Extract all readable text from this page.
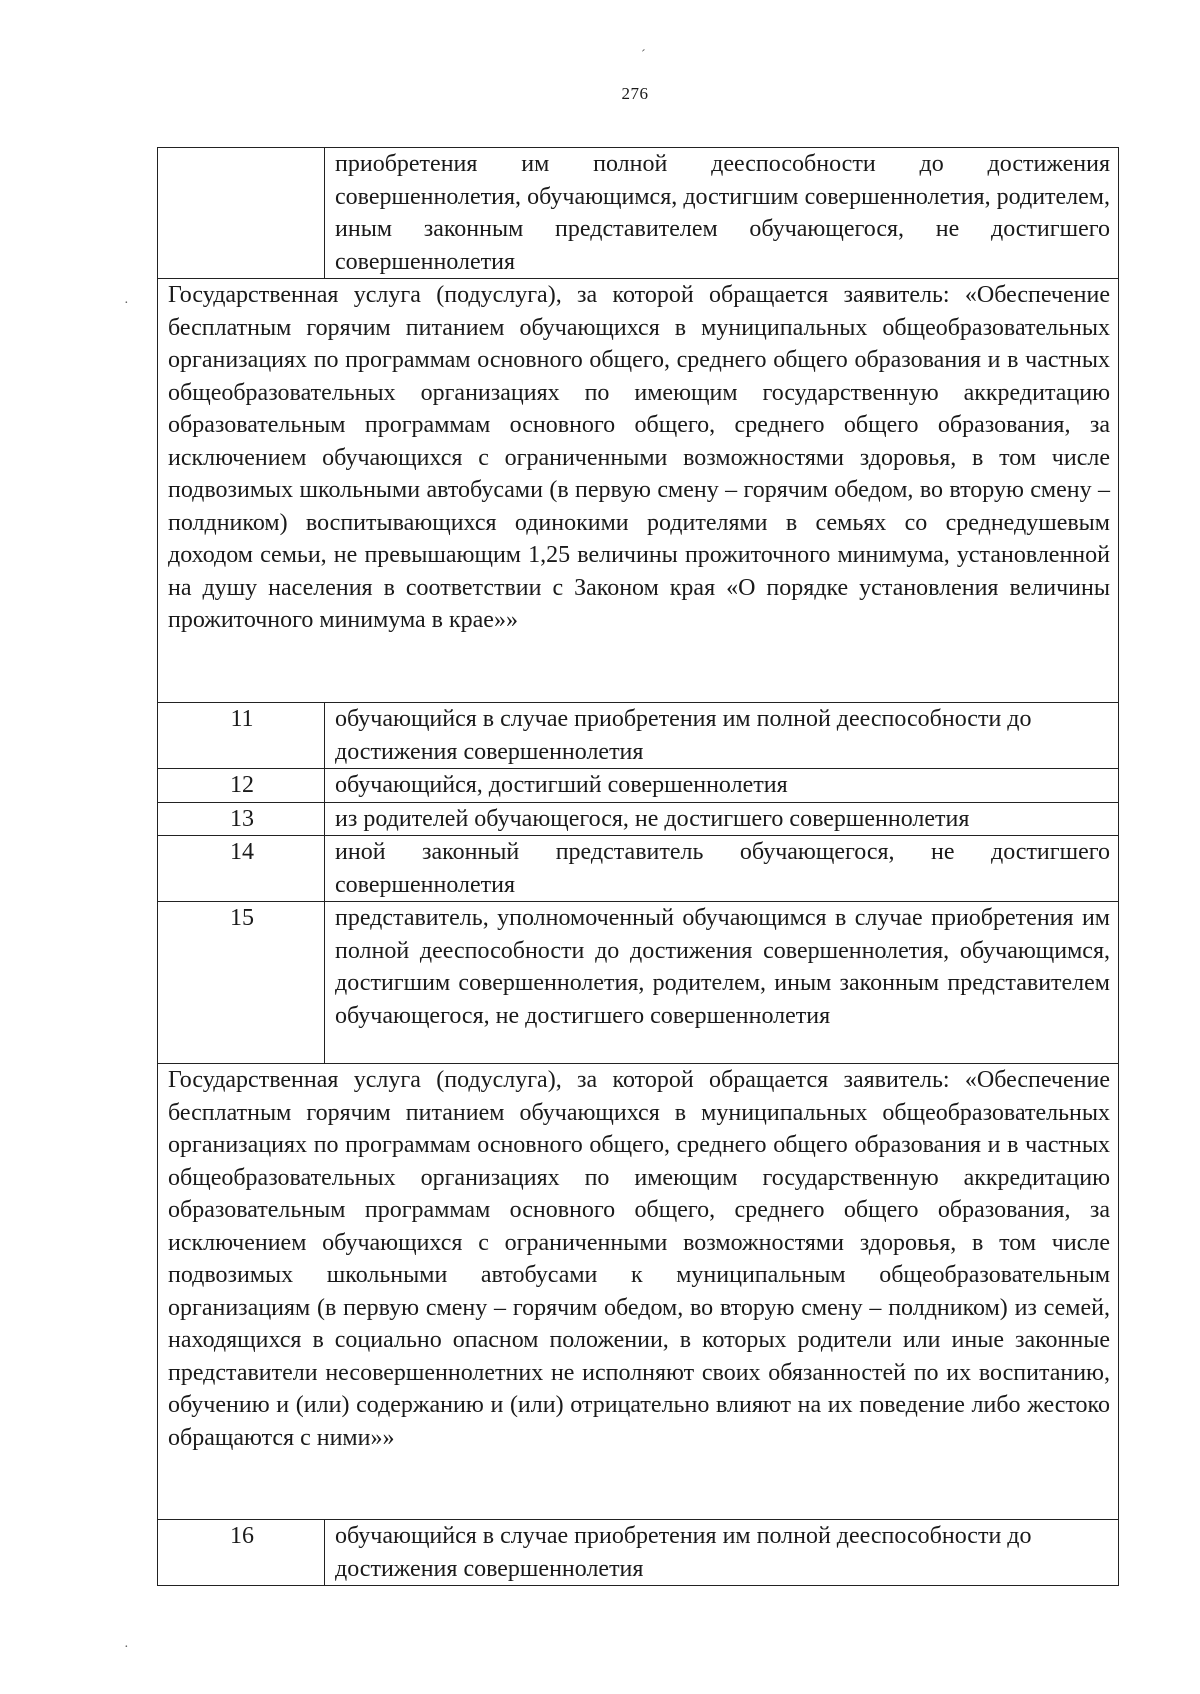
´
·
·
276
	приобретения им полной дееспособности до достижения совершеннолетия, обучающимся, достигшим совершеннолетия, родителем, иным законным представителем обучающегося, не достигшего совершеннолетия
Государственная услуга (подуслуга), за которой обращается заявитель: «Обеспечение бесплатным горячим питанием обучающихся в муниципальных общеобразовательных организациях по программам основного общего, среднего общего образования и в частных общеобразовательных организациях по имеющим государственную аккредитацию образовательным программам основного общего, среднего общего образования, за исключением обучающихся с ограниченными возможностями здоровья, в том числе подвозимых школьными автобусами (в первую смену – горячим обедом, во вторую смену – полдником) воспитывающихся одинокими родителями в семьях со среднедушевым доходом семьи, не превышающим 1,25 величины прожиточного минимума, установленной на душу населения в соответствии с Законом края «О порядке установления величины прожиточного минимума в крае»»	
11	обучающийся в случае приобретения им полной дееспособности до достижения совершеннолетия
12	обучающийся, достигший совершеннолетия
13	из родителей обучающегося, не достигшего совершеннолетия
14	иной законный представитель обучающегося, не достигшего совершеннолетия
15	представитель, уполномоченный обучающимся в случае приобретения им полной дееспособности до достижения совершеннолетия, обучающимся, достигшим совершеннолетия, родителем, иным законным представителем обучающегося, не достигшего совершеннолетия
Государственная услуга (подуслуга), за которой обращается заявитель: «Обеспечение бесплатным горячим питанием обучающихся в муниципальных общеобразовательных организациях по программам основного общего, среднего общего образования и в частных общеобразовательных организациях по имеющим государственную аккредитацию образовательным программам основного общего, среднего общего образования, за исключением обучающихся с ограниченными возможностями здоровья, в том числе подвозимых школьными автобусами к муниципальным общеобразовательным организациям (в первую смену – горячим обедом, во вторую смену – полдником) из семей, находящихся в социально опасном положении, в которых родители или иные законные представители несовершеннолетних не исполняют своих обязанностей по их воспитанию, обучению и (или) содержанию и (или) отрицательно влияют на их поведение либо жестоко обращаются с ними»»	
16	обучающийся в случае приобретения им полной дееспособности до достижения совершеннолетия
